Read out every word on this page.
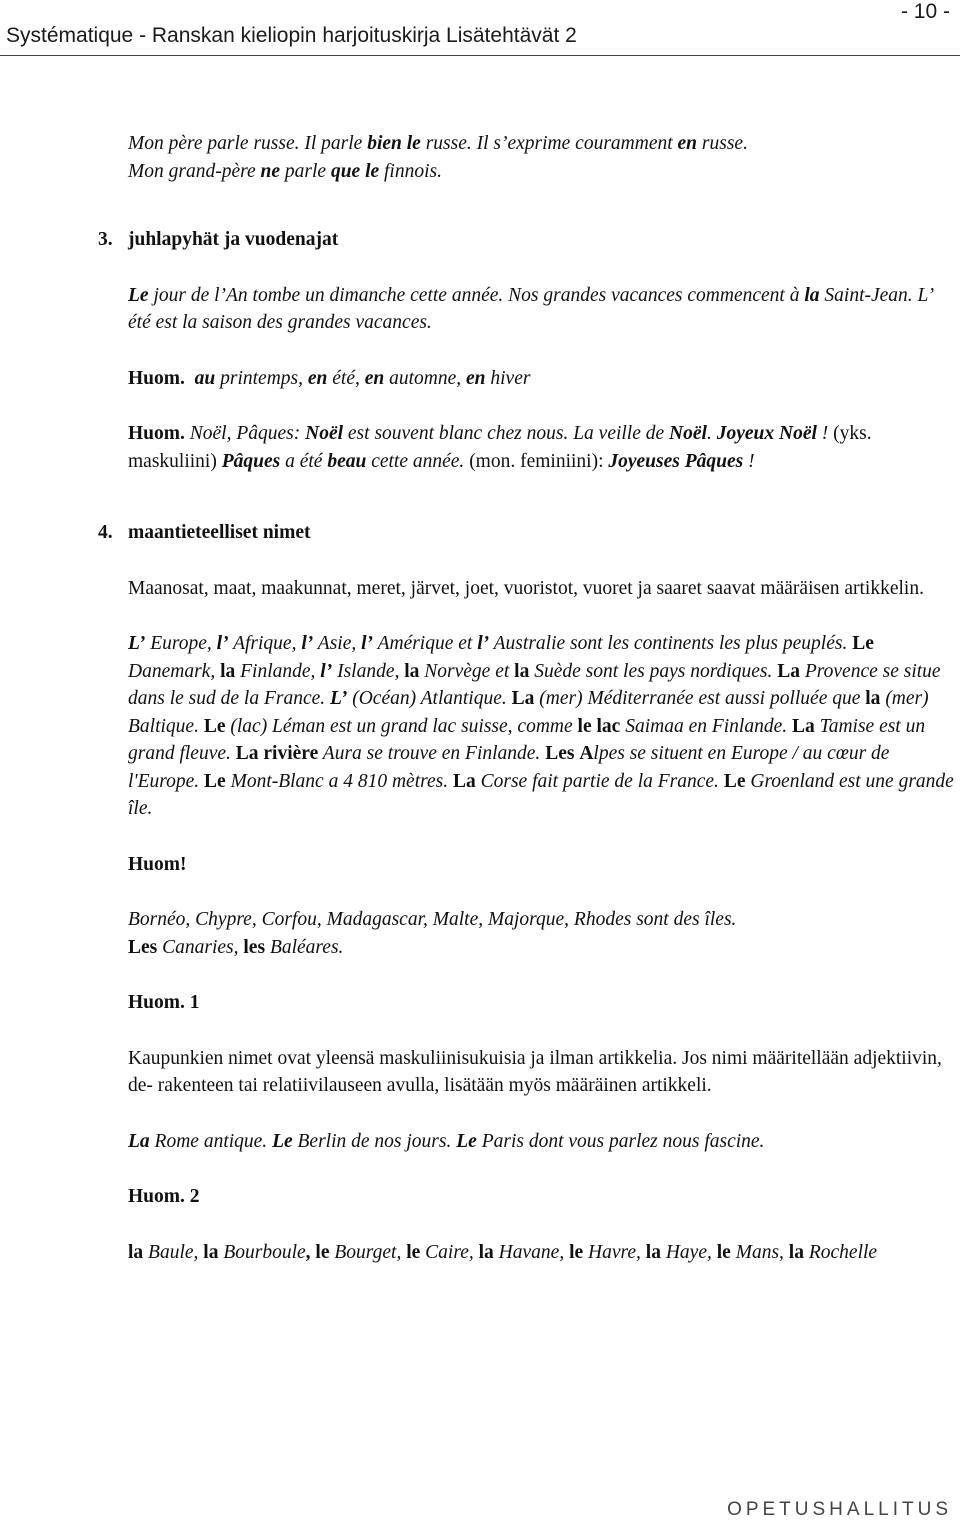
Systématique - Ranskan kieliopin harjoituskirja Lisätehtävät 2
- 10 -

Mon père parle russe. Il parle bien le russe. Il s’exprime couramment en russe.

Mon grand-père ne parle que le finnois.

3. juhlapyhät ja vuodenajat

Le jour de l’An tombe un dimanche cette année. Nos grandes vacances commencent à la Saint-Jean. L’ été est la saison des grandes vacances.

Huom. au printemps, en été, en automne, en hiver

Huom. Noël, Pâques: Noël est souvent blanc chez nous. La veille de Noël. Joyeux Noël ! (yks. maskuliini) Pâques a été beau cette année. (mon. feminiini): Joyeuses Pâques !

4. maantieteelliset nimet

Maanosat, maat, maakunnat, meret, järvet, joet, vuoristot, vuoret ja saaret saavat määräisen artikkelin.

L’ Europe, l’ Afrique, l’ Asie, l’ Amérique et l’ Australie sont les continents les plus peuplés. Le Danemark, la Finlande, l’ Islande, la Norvège et la Suède sont les pays nordiques. La Provence se situe dans le sud de la France. L’ (Océan) Atlantique. La (mer) Méditerranée est aussi polluée que la (mer) Baltique. Le (lac) Léman est un grand lac suisse, comme le lac Saimaa en Finlande. La Tamise est un grand fleuve. La rivière Aura se trouve en Finlande. Les Alpes se situent en Europe / au cœur de l'Europe. Le Mont-Blanc a 4 810 mètres. La Corse fait partie de la France. Le Groenland est une grande île.

Huom!

Bornéo, Chypre, Corfou, Madagascar, Malte, Majorque, Rhodes sont des îles.

Les Canaries, les Baléares.

Huom. 1

Kaupunkien nimet ovat yleensä maskuliinisukuisia ja ilman artikkelia. Jos nimi määritellään adjektiivin, de- rakenteen tai relatiivilauseen avulla, lisätään myös määräinen artikkeli.

La Rome antique. Le Berlin de nos jours. Le Paris dont vous parlez nous fascine.

Huom. 2

la Baule, la Bourboule, le Bourget, le Caire, la Havane, le Havre, la Haye, le Mans, la Rochelle

OPETUSHALLITUS
